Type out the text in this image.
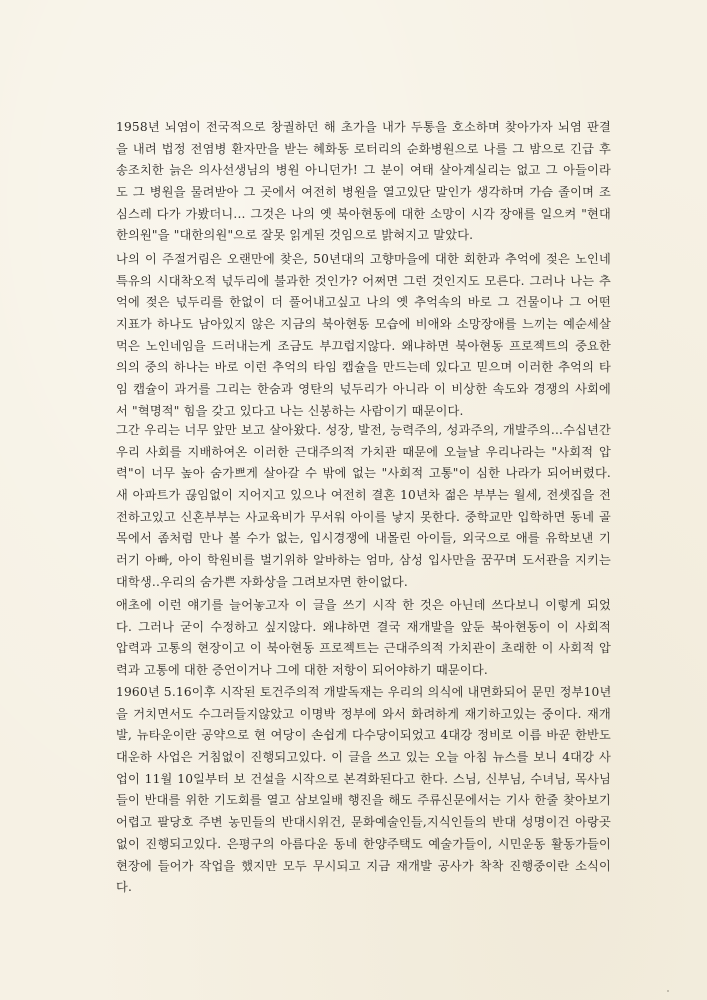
1958년 뇌염이 전국적으로 창궐하던 해 초가을 내가 두통을 호소하며 찾아가자 뇌염 판결
을 내려 법정 전염병 환자만을 받는 혜화동 로터리의 순화병원으로 나를 그 밤으로 긴급 후
송조치한 늙은 의사선생님의 병원 아니던가! 그 분이 여태 살아계실리는 없고 그 아들이라
도 그 병원을 물려받아 그 곳에서 여전히 병원을 열고있단 말인가 생각하며 가슴 졸이며 조
심스레 다가 가봤더니... 그것은 나의 옛 북아현동에 대한 소망이 시각 장애를 일으켜 "현대
한의원"을 "대한의원"으로 잘못 읽게된 것임으로 밝혀지고 말았다.
나의 이 주절거림은 오랜만에 찾은, 50년대의 고향마을에 대한 회한과 추억에 젖은 노인네
특유의 시대착오적 넋두리에 불과한 것인가? 어쩌면 그런 것인지도 모른다. 그러나 나는 추
억에 젖은 넋두리를 한없이 더 풀어내고싶고 나의 옛 추억속의 바로 그 건물이나 그 어떤
지표가 하나도 남아있지 않은 지금의 북아현동 모습에 비애와 소망장애를 느끼는 예순세살
먹은 노인네임을 드러내는게 조금도 부끄럽지않다. 왜냐하면 북아현동 프로젝트의 중요한
의의 중의 하나는 바로 이런 추억의 타임 캡슐을 만드는데 있다고 믿으며 이러한 추억의 타
임 캡슐이 과거를 그리는 한숨과 영탄의 넋두리가 아니라 이 비상한 속도와 경쟁의 사회에
서 "혁명적" 힘을 갖고 있다고 나는 신봉하는 사람이기 때문이다.
그간 우리는 너무 앞만 보고 살아왔다. 성장, 발전, 능력주의, 성과주의, 개발주의...수십년간
우리 사회를 지배하여온 이러한 근대주의적 가치관 때문에 오늘날 우리나라는 "사회적 압
력"이 너무 높아 숨가쁘게 살아갈 수 밖에 없는 "사회적 고통"이 심한 나라가 되어버렸다.
새 아파트가 끊임없이 지어지고 있으나 여전히 결혼 10년차 젊은 부부는 월세, 전셋집을 전
전하고있고 신혼부부는 사교육비가 무서워 아이를 낳지 못한다. 중학교만 입학하면 동네 골
목에서 좀처럼 만나 볼 수가 없는, 입시경쟁에 내몰린 아이들, 외국으로 애를 유학보낸 기
러기 아빠, 아이 학원비를 벌기위하 알바하는 엄마, 삼성 입사만을 꿈꾸며 도서관을 지키는
대학생..우리의 숨가쁜 자화상을 그려보자면 한이없다.
애초에 이런 얘기를 늘어놓고자 이 글을 쓰기 시작 한 것은 아닌데 쓰다보니 이렇게 되었
다. 그러나 굳이 수정하고 싶지않다. 왜냐하면 결국 재개발을 앞둔 북아현동이 이 사회적
압력과 고통의 현장이고 이 북아현동 프로젝트는 근대주의적 가치관이 초래한 이 사회적 압
력과 고통에 대한 증언이거나 그에 대한 저항이 되어야하기 때문이다.
1960년 5.16이후 시작된 토건주의적 개발독재는 우리의 의식에 내면화되어 문민 정부10년
을 거치면서도 수그러들지않았고 이명박 정부에 와서 화려하게 재기하고있는 중이다. 재개
발, 뉴타운이란 공약으로 현 여당이 손쉽게 다수당이되었고 4대강 정비로 이름 바꾼 한반도
대운하 사업은 거침없이 진행되고있다. 이 글을 쓰고 있는 오늘 아침 뉴스를 보니 4대강 사
업이 11월 10일부터 보 건설을 시작으로 본격화된다고 한다. 스님, 신부님, 수녀님, 목사님
들이 반대를 위한 기도회를 열고 삼보일배 행진을 해도 주류신문에서는 기사 한줄 찾아보기
어렵고 팔당호 주변 농민들의 반대시위건, 문화예술인들,지식인들의 반대 성명이건 아랑곳
없이 진행되고있다. 은평구의 아름다운 동네 한양주택도 예술가들이, 시민운동 활동가들이
현장에 들어가 작업을 했지만 모두 무시되고 지금 재개발 공사가 착착 진행중이란 소식이
다.
